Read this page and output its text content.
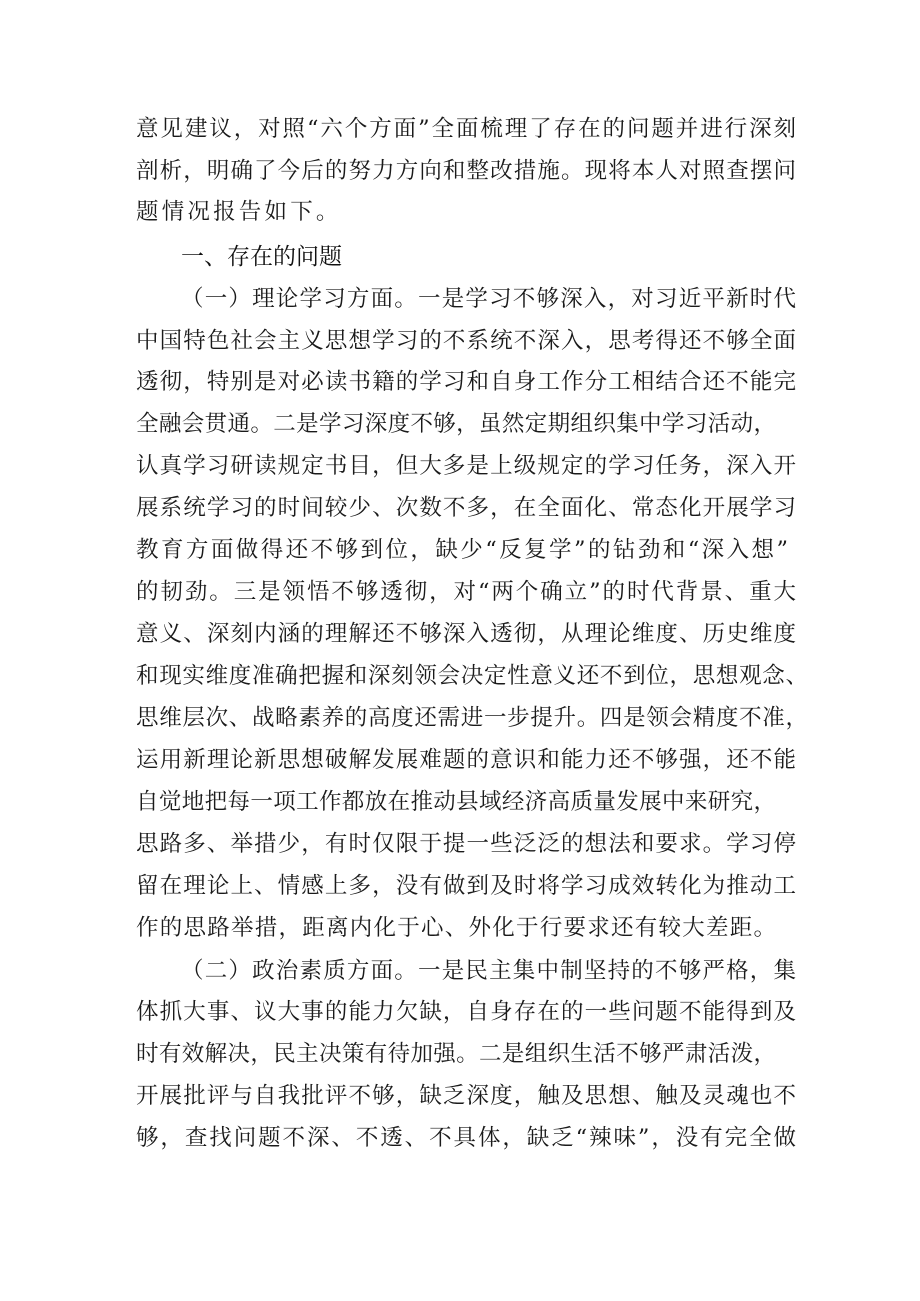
意见建议，对照“六个方面”全面梳理了存在的问题并进行深刻
剖析，明确了今后的努力方向和整改措施。现将本人对照查摆问
题情况报告如下。
一、存在的问题
（一）理论学习方面。一是学习不够深入，对习近平新时代
中国特色社会主义思想学习的不系统不深入，思考得还不够全面
透彻，特别是对必读书籍的学习和自身工作分工相结合还不能完
全融会贯通。二是学习深度不够，虽然定期组织集中学习活动，
认真学习研读规定书目，但大多是上级规定的学习任务，深入开
展系统学习的时间较少、次数不多，在全面化、常态化开展学习
教育方面做得还不够到位，缺少“反复学”的钻劲和“深入想”
的韧劲。三是领悟不够透彻，对“两个确立”的时代背景、重大
意义、深刻内涵的理解还不够深入透彻，从理论维度、历史维度
和现实维度准确把握和深刻领会决定性意义还不到位，思想观念、
思维层次、战略素养的高度还需进一步提升。四是领会精度不准，
运用新理论新思想破解发展难题的意识和能力还不够强，还不能
自觉地把每一项工作都放在推动县域经济高质量发展中来研究，
思路多、举措少，有时仅限于提一些泛泛的想法和要求。学习停
留在理论上、情感上多，没有做到及时将学习成效转化为推动工
作的思路举措，距离内化于心、外化于行要求还有较大差距。
（二）政治素质方面。一是民主集中制坚持的不够严格，集
体抓大事、议大事的能力欠缺，自身存在的一些问题不能得到及
时有效解决，民主决策有待加强。二是组织生活不够严肃活泼，
开展批评与自我批评不够，缺乏深度，触及思想、触及灵魂也不
够，查找问题不深、不透、不具体，缺乏“辣味”，没有完全做
